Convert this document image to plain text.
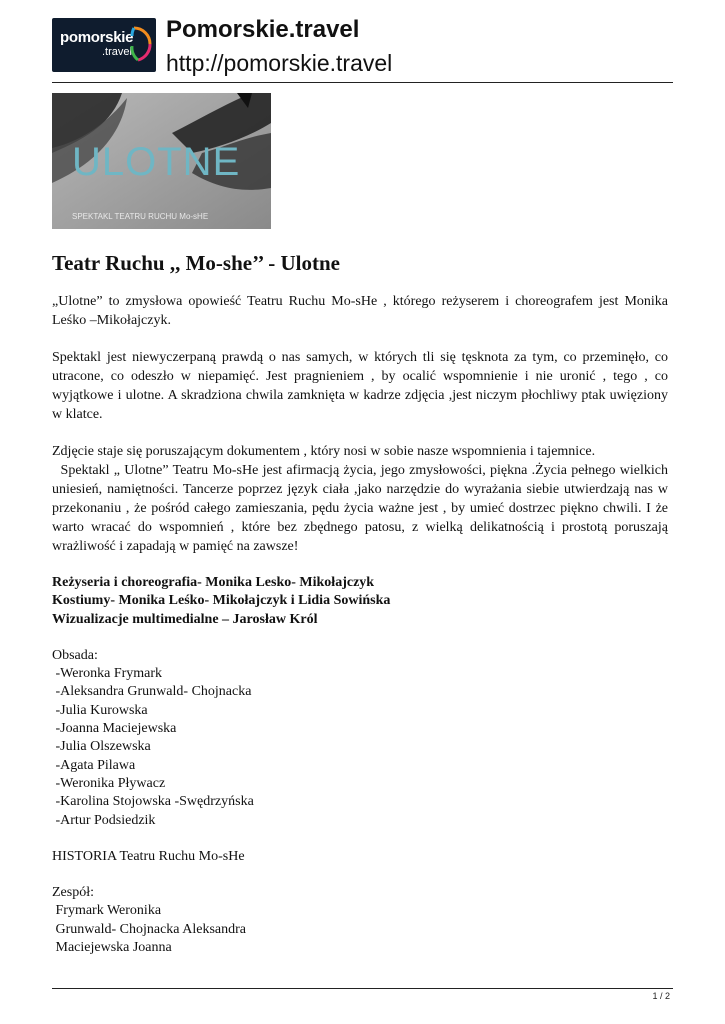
pomorskie
.travel
Pomorskie.travel
http://pomorskie.travel
ULOTNE
SPEKTAKL TEATRU RUCHU Mo-sHE
Teatr Ruchu ,, Mo-she’’ - Ulotne

„Ulotne” to zmysłowa opowieść Teatru Ruchu Mo-sHe , którego reżyserem i choreografem jest Monika Leśko –Mikołajczyk.

Spektakl jest niewyczerpaną prawdą o nas samych, w których tli się tęsknota za tym, co przeminęło, co utracone, co odeszło w niepamięć. Jest pragnieniem , by ocalić wspomnienie i nie uronić , tego , co wyjątkowe i ulotne. A skradziona chwila zamknięta w kadrze zdjęcia ,jest niczym płochliwy ptak uwięziony w klatce.

Zdjęcie staje się poruszającym dokumentem , który nosi w sobie nasze wspomnienia i tajemnice.

Spektakl „ Ulotne” Teatru Mo-sHe jest afirmacją życia, jego zmysłowości, piękna .Życia pełnego wielkich uniesień, namiętności. Tancerze poprzez język ciała ,jako narzędzie do wyrażania siebie utwierdzają nas w przekonaniu , że pośród całego zamieszania, pędu życia ważne jest , by umieć dostrzec piękno chwili. I że warto wracać do wspomnień , które bez zbędnego patosu, z wielką delikatnością i prostotą poruszają wrażliwość i zapadają w pamięć na zawsze!

Reżyseria i choreografia- Monika Lesko- Mikołajczyk
Kostiumy- Monika Leśko- Mikołajczyk i Lidia Sowińska
Wizualizacje multimedialne – Jarosław Król
Obsada:
-Weronka Frymark
-Aleksandra Grunwald- Chojnacka
-Julia Kurowska
-Joanna Maciejewska
-Julia Olszewska
-Agata Pilawa
-Weronika Pływacz
-Karolina Stojowska -Swędrzyńska
-Artur Podsiedzik
HISTORIA Teatru Ruchu Mo-sHe
Zespół:
Frymark Weronika
Grunwald- Chojnacka Aleksandra
Maciejewska Joanna
1 / 2
